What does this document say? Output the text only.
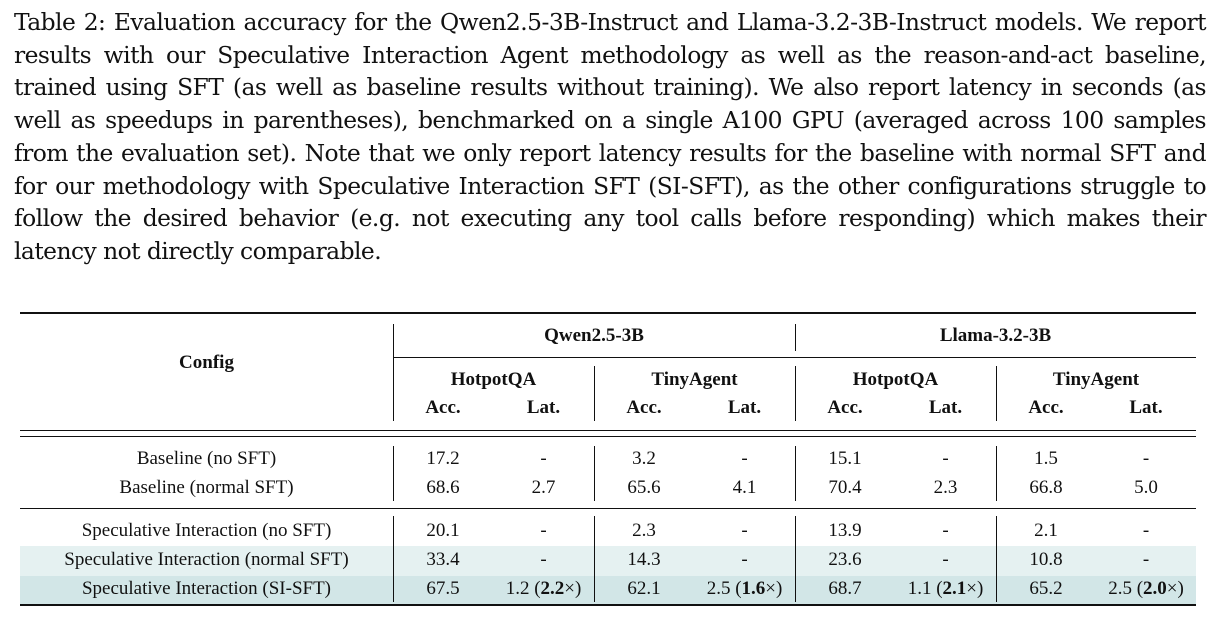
Table 2: Evaluation accuracy for the Qwen2.5-3B-Instruct and Llama-3.2-3B-Instruct models. We report results with our Speculative Interaction Agent methodology as well as the reason-and-act baseline, trained using SFT (as well as baseline results without training). We also report latency in seconds (as well as speedups in parentheses), benchmarked on a single A100 GPU (averaged across 100 samples from the evaluation set). Note that we only report latency results for the baseline with normal SFT and for our methodology with Speculative Interaction SFT (SI-SFT), as the other configurations struggle to follow the desired behavior (e.g. not executing any tool calls before responding) which makes their latency not directly comparable.
Config
Qwen2.5-3B	Llama-3.2-3B
HotpotQA	TinyAgent	HotpotQA	TinyAgent
Acc.	Lat.	Acc.	Lat.	Acc.	Lat.	Acc.	Lat.
Baseline (no SFT)	17.2	-	3.2	-	15.1	-	1.5	-
Baseline (normal SFT)	68.6	2.7	65.6	4.1	70.4	2.3	66.8	5.0
Speculative Interaction (no SFT)	20.1	-	2.3	-	13.9	-	2.1	-
Speculative Interaction (normal SFT)	33.4	-	14.3	-	23.6	-	10.8	-
Speculative Interaction (SI-SFT)	67.5	1.2 (2.2×)	62.1	2.5 (1.6×)	68.7	1.1 (2.1×)	65.2	2.5 (2.0×)
